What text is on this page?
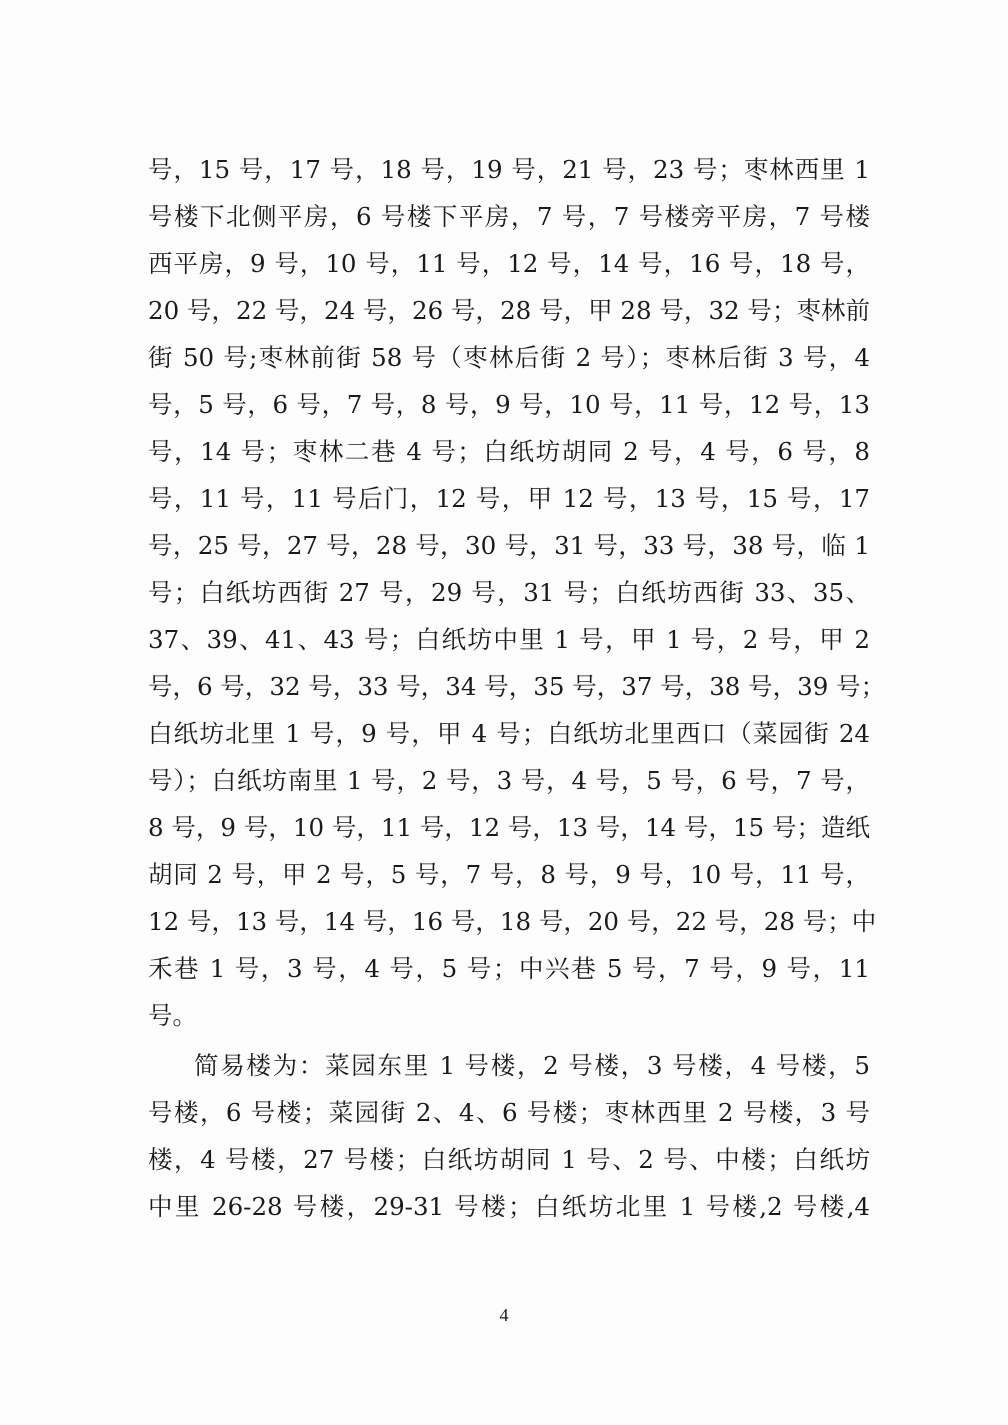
号，15 号，17 号，18 号，19 号，21 号，23 号；枣林西里 1
号楼下北侧平房，6 号楼下平房，7 号，7 号楼旁平房，7 号楼
西平房，9 号，10 号，11 号，12 号，14 号，16 号，18 号，
20 号，22 号，24 号，26 号，28 号，甲 28 号，32 号；枣林前
街 50 号;枣林前街 58 号（枣林后街 2 号）；枣林后街 3 号，4
号，5 号，6 号，7 号，8 号，9 号，10 号，11 号，12 号，13
号，14 号；枣林二巷 4 号；白纸坊胡同 2 号，4 号，6 号，8
号，11 号，11 号后门，12 号，甲 12 号，13 号，15 号，17
号，25 号，27 号，28 号，30 号，31 号，33 号，38 号，临 1
号；白纸坊西街 27 号，29 号，31 号；白纸坊西街 33、35、
37、39、41、43 号；白纸坊中里 1 号，甲 1 号，2 号，甲 2
号，6 号，32 号，33 号，34 号，35 号，37 号，38 号，39 号；
白纸坊北里 1 号，9 号，甲 4 号；白纸坊北里西口（菜园街 24
号）；白纸坊南里 1 号，2 号，3 号，4 号，5 号，6 号，7 号，
8 号，9 号，10 号，11 号，12 号，13 号，14 号，15 号；造纸
胡同 2 号，甲 2 号，5 号，7 号，8 号，9 号，10 号，11 号，
12 号，13 号，14 号，16 号，18 号，20 号，22 号，28 号；中
禾巷 1 号，3 号，4 号，5 号；中兴巷 5 号，7 号，9 号，11
号。
简易楼为：菜园东里 1 号楼，2 号楼，3 号楼，4 号楼，5
号楼，6 号楼；菜园街 2、4、6 号楼；枣林西里 2 号楼，3 号
楼，4 号楼，27 号楼；白纸坊胡同 1 号、2 号、中楼；白纸坊
中里 26-28 号楼，29-31 号楼；白纸坊北里 1 号楼,2 号楼,4
4
